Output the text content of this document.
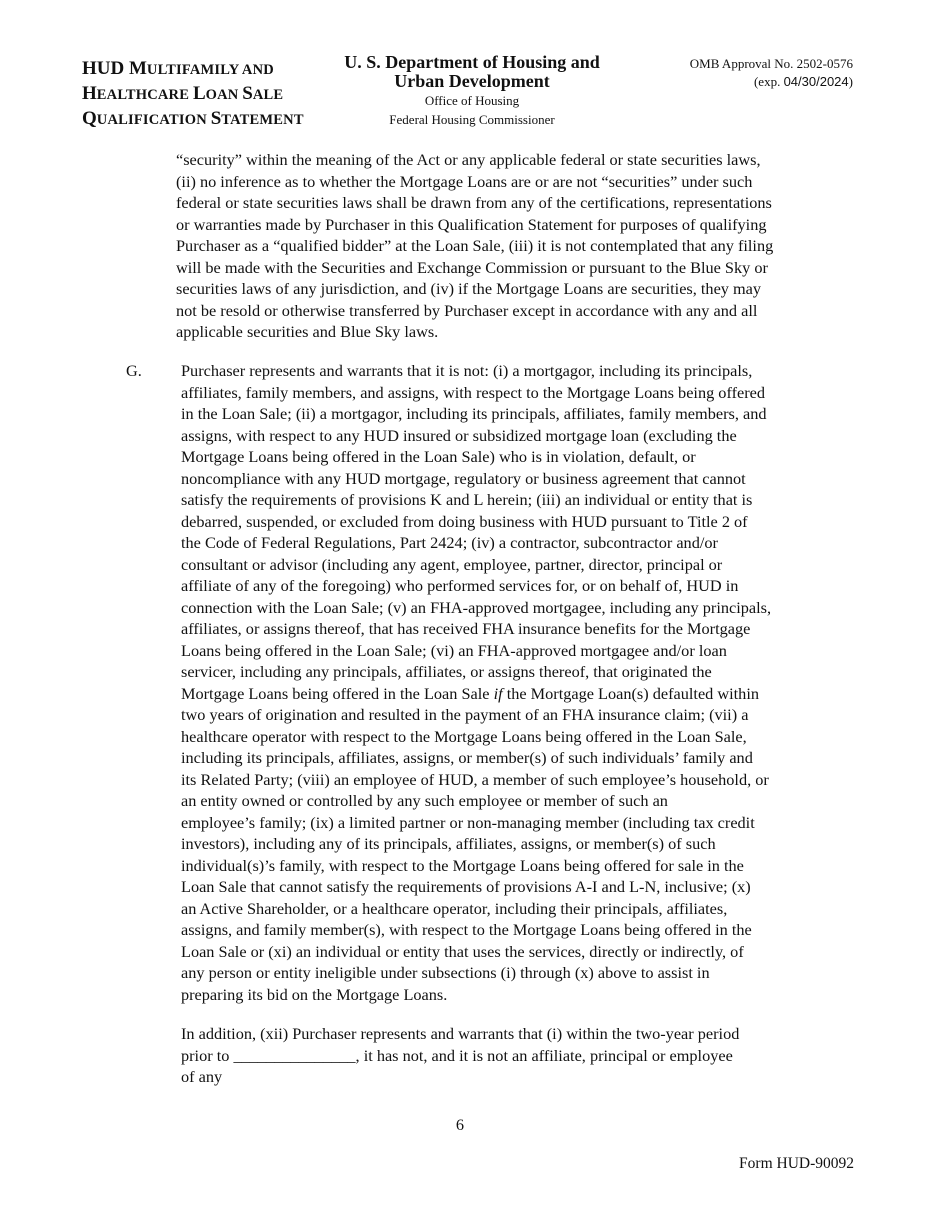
HUD MULTIFAMILY AND
HEALTHCARE LOAN SALE
QUALIFICATION STATEMENT
U. S. Department of Housing and
Urban Development
Office of Housing
Federal Housing Commissioner
OMB Approval No. 2502-0576
(exp. 04/30/2024)

“security” within the meaning of the Act or any applicable federal or state securities laws,
(ii) no inference as to whether the Mortgage Loans are or are not “securities” under such
federal or state securities laws shall be drawn from any of the certifications, representations
or warranties made by Purchaser in this Qualification Statement for purposes of qualifying
Purchaser as a “qualified bidder” at the Loan Sale, (iii) it is not contemplated that any filing
will be made with the Securities and Exchange Commission or pursuant to the Blue Sky or
securities laws of any jurisdiction, and (iv) if the Mortgage Loans are securities, they may
not be resold or otherwise transferred by Purchaser except in accordance with any and all
applicable securities and Blue Sky laws.

G. Purchaser represents and warrants that it is not: (i) a mortgagor, including its principals,
affiliates, family members, and assigns, with respect to the Mortgage Loans being offered
in the Loan Sale; (ii) a mortgagor, including its principals, affiliates, family members, and
assigns, with respect to any HUD insured or subsidized mortgage loan (excluding the
Mortgage Loans being offered in the Loan Sale) who is in violation, default, or
noncompliance with any HUD mortgage, regulatory or business agreement that cannot
satisfy the requirements of provisions K and L herein; (iii) an individual or entity that is
debarred, suspended, or excluded from doing business with HUD pursuant to Title 2 of
the Code of Federal Regulations, Part 2424; (iv) a contractor, subcontractor and/or
consultant or advisor (including any agent, employee, partner, director, principal or
affiliate of any of the foregoing) who performed services for, or on behalf of, HUD in
connection with the Loan Sale; (v) an FHA-approved mortgagee, including any principals,
affiliates, or assigns thereof, that has received FHA insurance benefits for the Mortgage
Loans being offered in the Loan Sale; (vi) an FHA-approved mortgagee and/or loan
servicer, including any principals, affiliates, or assigns thereof, that originated the
Mortgage Loans being offered in the Loan Sale if the Mortgage Loan(s) defaulted within
two years of origination and resulted in the payment of an FHA insurance claim; (vii) a
healthcare operator with respect to the Mortgage Loans being offered in the Loan Sale,
including its principals, affiliates, assigns, or member(s) of such individuals’ family and
its Related Party; (viii) an employee of HUD, a member of such employee’s household, or
an entity owned or controlled by any such employee or member of such an
employee’s family; (ix) a limited partner or non-managing member (including tax credit
investors), including any of its principals, affiliates, assigns, or member(s) of such
individual(s)’s family, with respect to the Mortgage Loans being offered for sale in the
Loan Sale that cannot satisfy the requirements of provisions A-I and L-N, inclusive; (x)
an Active Shareholder, or a healthcare operator, including their principals, affiliates,
assigns, and family member(s), with respect to the Mortgage Loans being offered in the
Loan Sale or (xi) an individual or entity that uses the services, directly or indirectly, of
any person or entity ineligible under subsections (i) through (x) above to assist in
preparing its bid on the Mortgage Loans.

In addition, (xii) Purchaser represents and warrants that (i) within the two-year period
prior to _______________, it has not, and it is not an affiliate, principal or employee
of any

6
Form HUD-90092
